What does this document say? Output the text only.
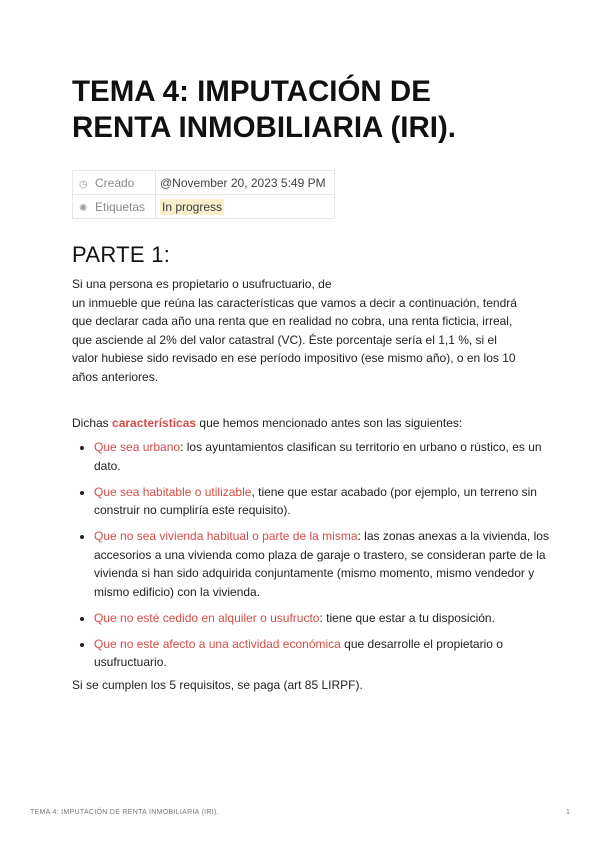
TEMA 4: IMPUTACIÓN DE
RENTA INMOBILIARIA (IRI).
◷ Creado	@November 20, 2023 5:49 PM
✺ Etiquetas	In progress
PARTE 1:

Si una persona es propietario o usufructuario, de
un inmueble que reúna las características que vamos a decir a continuación, tendrá
que declarar cada año una renta que en realidad no cobra, una renta ficticia, irreal,
que asciende al 2% del valor catastral (VC). Éste porcentaje sería el 1,1 %, si el
valor hubiese sido revisado en ese período impositivo (ese mismo año), o en los 10
años anteriores.

Dichas características que hemos mencionado antes son las siguientes:

• Que sea urbano: los ayuntamientos clasifican su territorio en urbano o rústico, es un dato.
• Que sea habitable o utilizable, tiene que estar acabado (por ejemplo, un terreno sin construir no cumpliría este requisito).
• Que no sea vivienda habitual o parte de la misma: las zonas anexas a la vivienda, los accesorios a una vivienda como plaza de garaje o trastero, se consideran parte de la vivienda si han sido adquirida conjuntamente (mismo momento, mismo vendedor y mismo edificio) con la vivienda.
• Que no esté cedido en alquiler o usufructo: tiene que estar a tu disposición.
• Que no este afecto a una actividad económica que desarrolle el propietario o usufructuario.

Si se cumplen los 5 requisitos, se paga (art 85 LIRPF).

TEMA 4: IMPUTACIÓN DE RENTA INMOBILIARIA (IRI).	1
